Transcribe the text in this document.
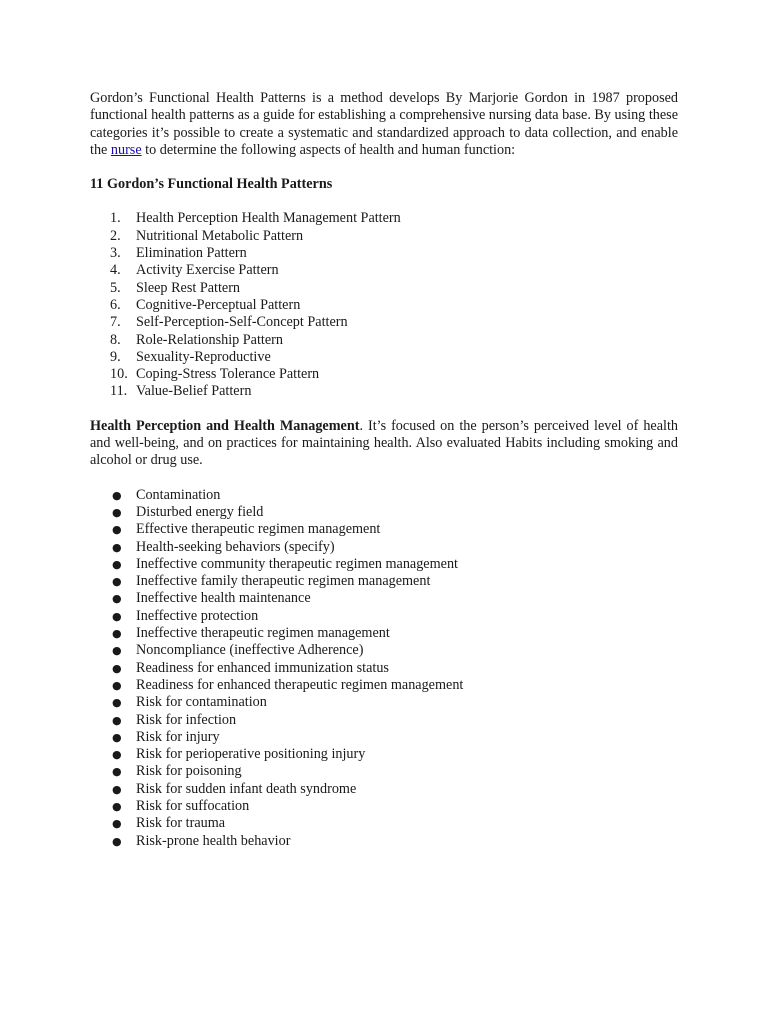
Gordon’s Functional Health Patterns is a method develops By Marjorie Gordon in 1987 proposed functional health patterns as a guide for establishing a comprehensive nursing data base. By using these categories it’s possible to create a systematic and standardized approach to data collection, and enable the nurse to determine the following aspects of health and human function:

11 Gordon’s Functional Health Patterns

1. Health Perception Health Management Pattern
2. Nutritional Metabolic Pattern
3. Elimination Pattern
4. Activity Exercise Pattern
5. Sleep Rest Pattern
6. Cognitive-Perceptual Pattern
7. Self-Perception-Self-Concept Pattern
8. Role-Relationship Pattern
9. Sexuality-Reproductive
10. Coping-Stress Tolerance Pattern
11. Value-Belief Pattern

Health Perception and Health Management. It’s focused on the person’s perceived level of health and well-being, and on practices for maintaining health. Also evaluated Habits including smoking and alcohol or drug use.

● Contamination
● Disturbed energy field
● Effective therapeutic regimen management
● Health-seeking behaviors (specify)
● Ineffective community therapeutic regimen management
● Ineffective family therapeutic regimen management
● Ineffective health maintenance
● Ineffective protection
● Ineffective therapeutic regimen management
● Noncompliance (ineffective Adherence)
● Readiness for enhanced immunization status
● Readiness for enhanced therapeutic regimen management
● Risk for contamination
● Risk for infection
● Risk for injury
● Risk for perioperative positioning injury
● Risk for poisoning
● Risk for sudden infant death syndrome
● Risk for suffocation
● Risk for trauma
● Risk-prone health behavior
